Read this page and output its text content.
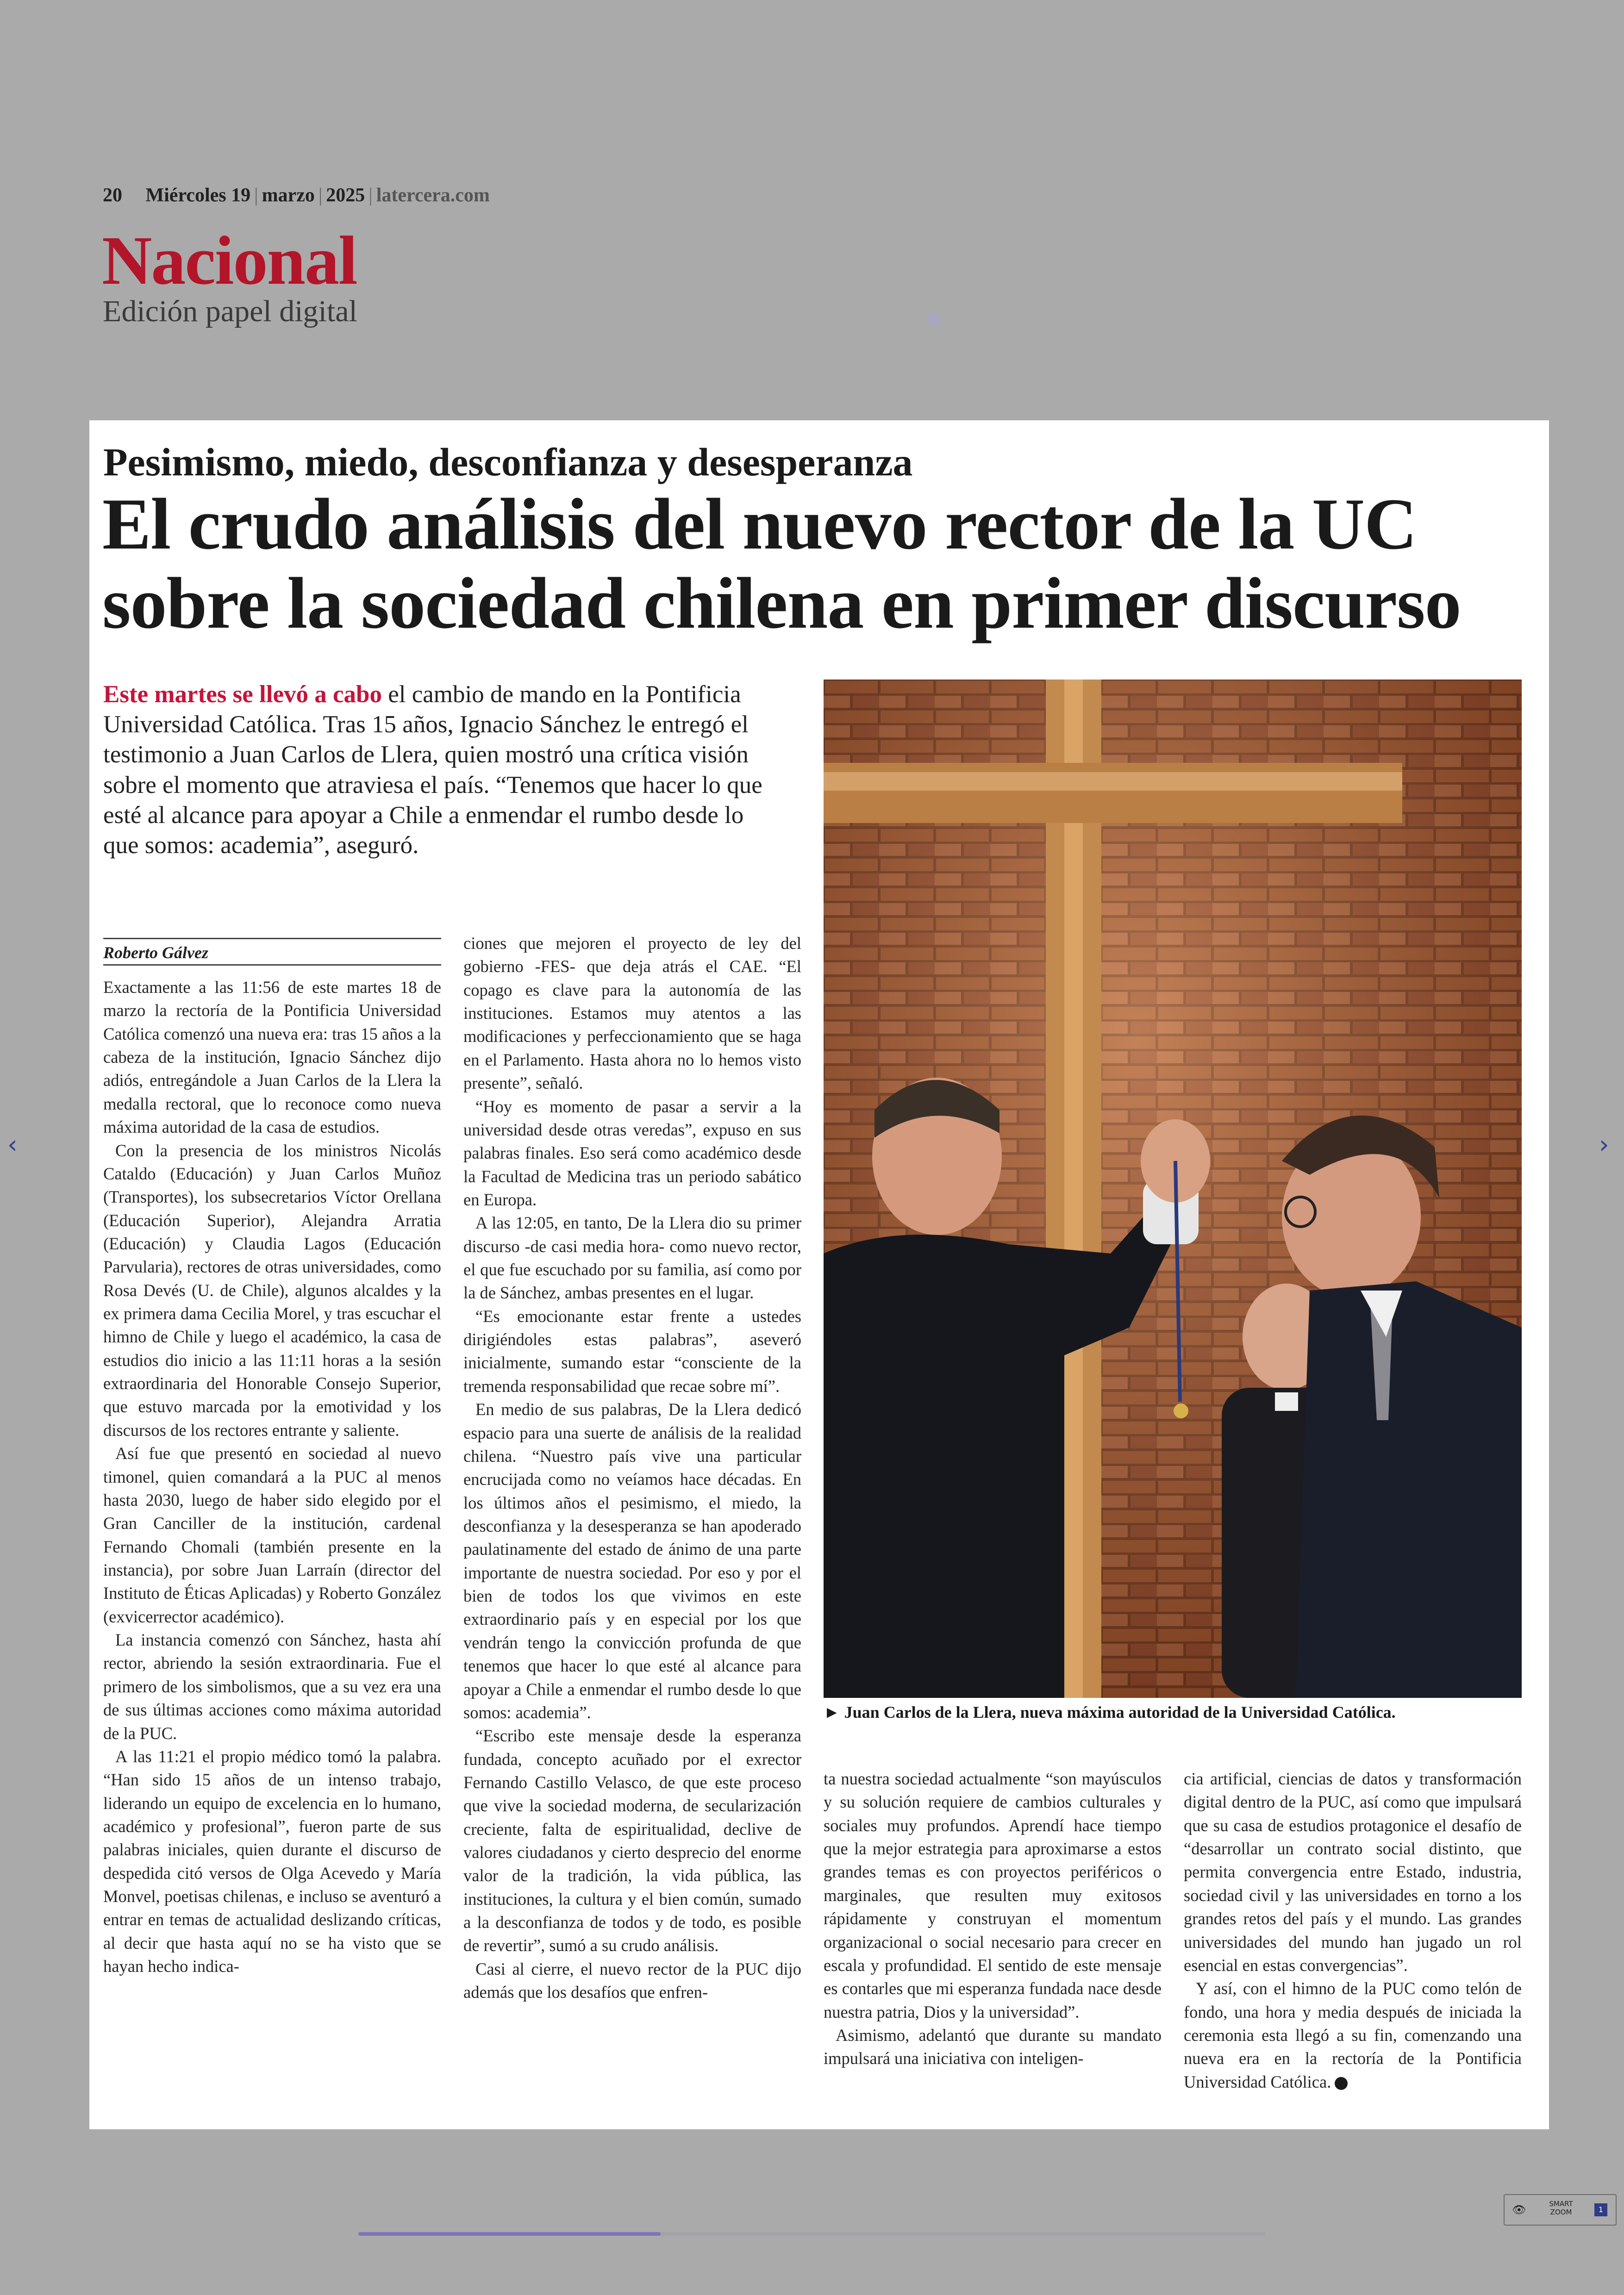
20 Miércoles 19 | marzo | 2025 | latercera.com
Nacional
Edición papel digital
‹	›
Pesimismo, miedo, desconfianza y desesperanza
El crudo análisis del nuevo rector de la UC sobre la sociedad chilena en primer discurso
Este martes se llevó a cabo el cambio de mando en la Pontificia Universidad Católica. Tras 15 años, Ignacio Sánchez le entregó el testimonio a Juan Carlos de Llera, quien mostró una crítica visión sobre el momento que atraviesa el país. “Tenemos que hacer lo que esté al alcance para apoyar a Chile a enmendar el rumbo desde lo que somos: academia”, aseguró.
Roberto Gálvez

Exactamente a las 11:56 de este martes 18 de marzo la rectoría de la Pontificia Universidad Católica comenzó una nueva era: tras 15 años a la cabeza de la institución, Ignacio Sánchez dijo adiós, entregándole a Juan Carlos de la Llera la medalla rectoral, que lo reconoce como nueva máxima autoridad de la casa de estudios.

Con la presencia de los ministros Nicolás Cataldo (Educación) y Juan Carlos Muñoz (Transportes), los subsecretarios Víctor Orellana (Educación Superior), Alejandra Arratia (Educación) y Claudia Lagos (Educación Parvularia), rectores de otras universidades, como Rosa Devés (U. de Chile), algunos alcaldes y la ex primera dama Cecilia Morel, y tras escuchar el himno de Chile y luego el académico, la casa de estudios dio inicio a las 11:11 horas a la sesión extraordinaria del Honorable Consejo Superior, que estuvo marcada por la emotividad y los discursos de los rectores entrante y saliente.

Así fue que presentó en sociedad al nuevo timonel, quien comandará a la PUC al menos hasta 2030, luego de haber sido elegido por el Gran Canciller de la institución, cardenal Fernando Chomali (también presente en la instancia), por sobre Juan Larraín (director del Instituto de Éticas Aplicadas) y Roberto González (exvicerrector académico).

La instancia comenzó con Sánchez, hasta ahí rector, abriendo la sesión extraordinaria. Fue el primero de los simbolismos, que a su vez era una de sus últimas acciones como máxima autoridad de la PUC.

A las 11:21 el propio médico tomó la palabra. “Han sido 15 años de un intenso trabajo, liderando un equipo de excelencia en lo humano, académico y profesional”, fueron parte de sus palabras iniciales, quien durante el discurso de despedida citó versos de Olga Acevedo y María Monvel, poetisas chilenas, e incluso se aventuró a entrar en temas de actualidad deslizando críticas, al decir que hasta aquí no se ha visto que se hayan hecho indica-

ciones que mejoren el proyecto de ley del gobierno -FES- que deja atrás el CAE. “El copago es clave para la autonomía de las instituciones. Estamos muy atentos a las modificaciones y perfeccionamiento que se haga en el Parlamento. Hasta ahora no lo hemos visto presente”, señaló.

“Hoy es momento de pasar a servir a la universidad desde otras veredas”, expuso en sus palabras finales. Eso será como académico desde la Facultad de Medicina tras un periodo sabático en Europa.

A las 12:05, en tanto, De la Llera dio su primer discurso -de casi media hora- como nuevo rector, el que fue escuchado por su familia, así como por la de Sánchez, ambas presentes en el lugar.

“Es emocionante estar frente a ustedes dirigiéndoles estas palabras”, aseveró inicialmente, sumando estar “consciente de la tremenda responsabilidad que recae sobre mí”.

En medio de sus palabras, De la Llera dedicó espacio para una suerte de análisis de la realidad chilena. “Nuestro país vive una particular encrucijada como no veíamos hace décadas. En los últimos años el pesimismo, el miedo, la desconfianza y la desesperanza se han apoderado paulatinamente del estado de ánimo de una parte importante de nuestra sociedad. Por eso y por el bien de todos los que vivimos en este extraordinario país y en especial por los que vendrán tengo la convicción profunda de que tenemos que hacer lo que esté al alcance para apoyar a Chile a enmendar el rumbo desde lo que somos: academia”.

“Escribo este mensaje desde la esperanza fundada, concepto acuñado por el exrector Fernando Castillo Velasco, de que este proceso que vive la sociedad moderna, de secularización creciente, falta de espiritualidad, declive de valores ciudadanos y cierto desprecio del enorme valor de la tradición, la vida pública, las instituciones, la cultura y el bien común, sumado a la desconfianza de todos y de todo, es posible de revertir”, sumó a su crudo análisis.

Casi al cierre, el nuevo rector de la PUC dijo además que los desafíos que enfren-

► Juan Carlos de la Llera, nueva máxima autoridad de la Universidad Católica.

ta nuestra sociedad actualmente “son mayúsculos y su solución requiere de cambios culturales y sociales muy profundos. Aprendí hace tiempo que la mejor estrategia para aproximarse a estos grandes temas es con proyectos periféricos o marginales, que resulten muy exitosos rápidamente y construyan el momentum organizacional o social necesario para crecer en escala y profundidad. El sentido de este mensaje es contarles que mi esperanza fundada nace desde nuestra patria, Dios y la universidad”.

Asimismo, adelantó que durante su mandato impulsará una iniciativa con inteligen-

cia artificial, ciencias de datos y transformación digital dentro de la PUC, así como que impulsará que su casa de estudios protagonice el desafío de “desarrollar un contrato social distinto, que permita convergencia entre Estado, industria, sociedad civil y las universidades en torno a los grandes retos del país y el mundo. Las grandes universidades del mundo han jugado un rol esencial en estas convergencias”.

Y así, con el himno de la PUC como telón de fondo, una hora y media después de iniciada la ceremonia esta llegó a su fin, comenzando una nueva era en la rectoría de la Pontificia Universidad Católica.

👁	SMART ZOOM	1
